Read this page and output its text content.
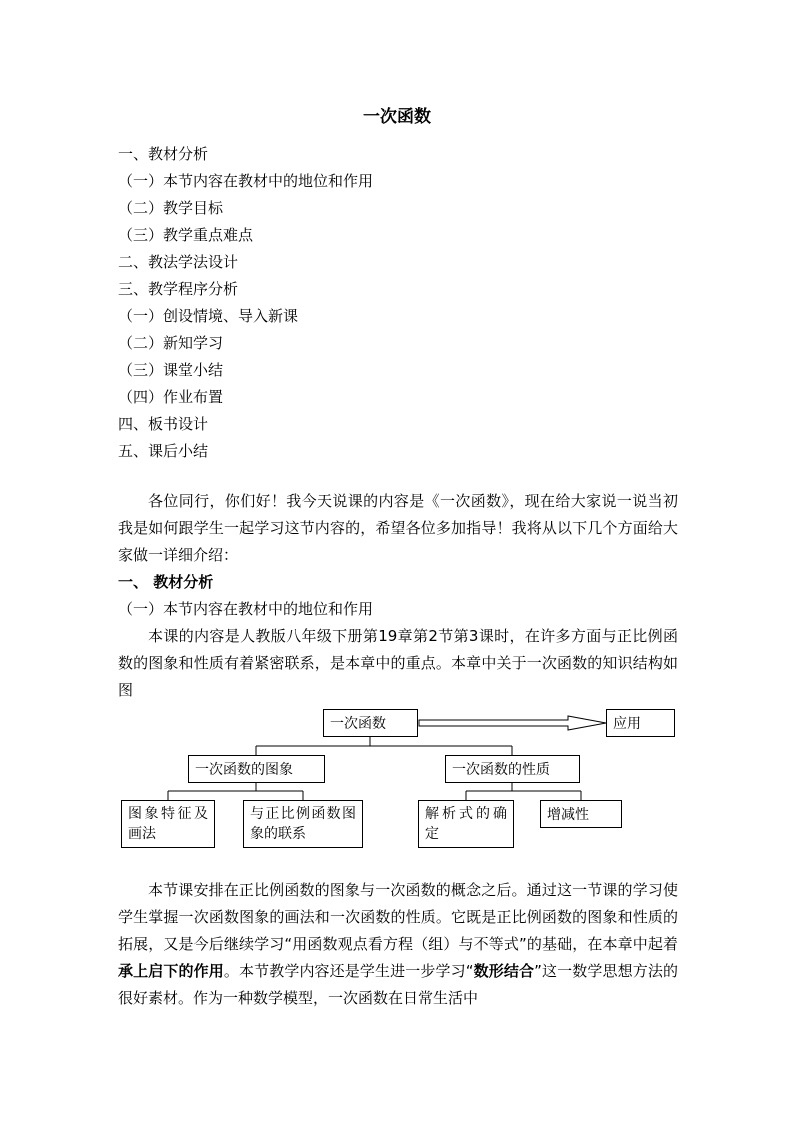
一次函数
一、教材分析
（一）本节内容在教材中的地位和作用
（二）教学目标
（三）教学重点难点
二、教法学法设计
三、教学程序分析
（一）创设情境、导入新课
（二）新知学习
（三）课堂小结
（四）作业布置
四、板书设计
五、课后小结
各位同行，你们好！我今天说课的内容是《一次函数》，现在给大家说一说当初我是如何跟学生一起学习这节内容的，希望各位多加指导！我将从以下几个方面给大家做一详细介绍：
一、 教材分析
（一）本节内容在教材中的地位和作用
本课的内容是人教版八年级下册第19章第2节第3课时，在许多方面与正比例函数的图象和性质有着紧密联系，是本章中的重点。本章中关于一次函数的知识结构如图
一次函数	应用
一次函数的图象	一次函数的性质
图象特征及画法
与正比例函数图象的联系
解析式的确定
增减性
本节课安排在正比例函数的图象与一次函数的概念之后。通过这一节课的学习使学生掌握一次函数图象的画法和一次函数的性质。它既是正比例函数的图象和性质的拓展，又是今后继续学习“用函数观点看方程（组）与不等式”的基础，在本章中起着承上启下的作用。本节教学内容还是学生进一步学习“数形结合”这一数学思想方法的很好素材。作为一种数学模型，一次函数在日常生活中
